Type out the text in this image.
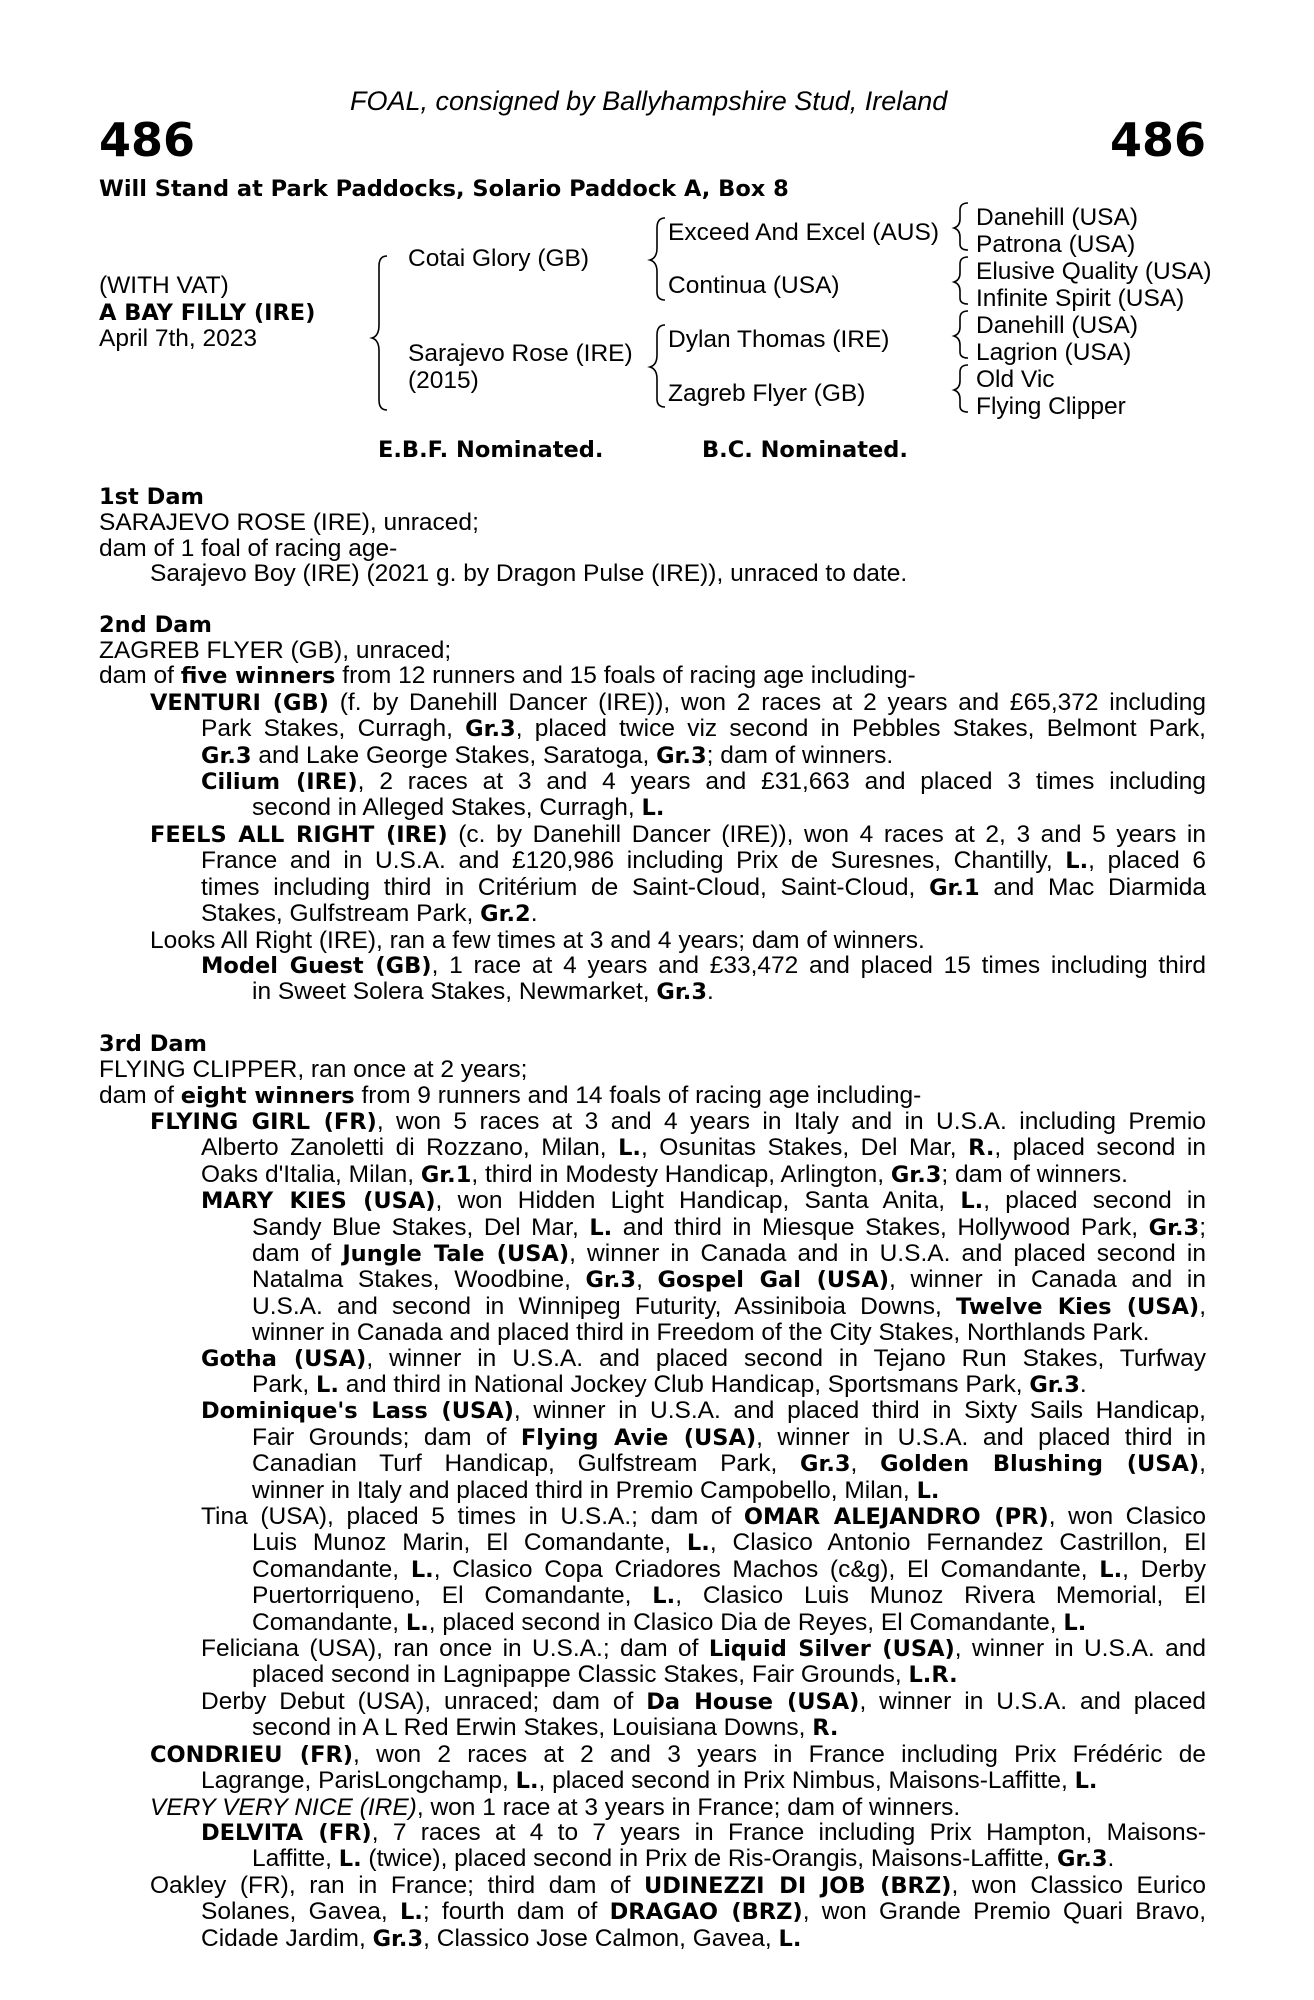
FOAL, consigned by Ballyhampshire Stud, Ireland
486	486
Will Stand at Park Paddocks, Solario Paddock A, Box 8
(WITH VAT)
A BAY FILLY (IRE)
April 7th, 2023
Cotai Glory (GB)
Sarajevo Rose (IRE)
(2015)
Exceed And Excel (AUS)
Continua (USA)
Dylan Thomas (IRE)
Zagreb Flyer (GB)
Danehill (USA)
Patrona (USA)
Elusive Quality (USA)
Infinite Spirit (USA)
Danehill (USA)
Lagrion (USA)
Old Vic
Flying Clipper
E.B.F. Nominated.	B.C. Nominated.
1st Dam
SARAJEVO ROSE (IRE), unraced;
dam of 1 foal of racing age-
Sarajevo Boy (IRE) (2021 g. by Dragon Pulse (IRE)), unraced to date.
2nd Dam
ZAGREB FLYER (GB), unraced;
dam of five winners from 12 runners and 15 foals of racing age including-
VENTURI (GB) (f. by Danehill Dancer (IRE)), won 2 races at 2 years and £65,372 including
Park Stakes, Curragh, Gr.3, placed twice viz second in Pebbles Stakes, Belmont Park,
Gr.3 and Lake George Stakes, Saratoga, Gr.3; dam of winners.
Cilium (IRE), 2 races at 3 and 4 years and £31,663 and placed 3 times including
second in Alleged Stakes, Curragh, L.
FEELS ALL RIGHT (IRE) (c. by Danehill Dancer (IRE)), won 4 races at 2, 3 and 5 years in
France and in U.S.A. and £120,986 including Prix de Suresnes, Chantilly, L., placed 6
times including third in Critérium de Saint-Cloud, Saint-Cloud, Gr.1 and Mac Diarmida
Stakes, Gulfstream Park, Gr.2.
Looks All Right (IRE), ran a few times at 3 and 4 years; dam of winners.
Model Guest (GB), 1 race at 4 years and £33,472 and placed 15 times including third
in Sweet Solera Stakes, Newmarket, Gr.3.
3rd Dam
FLYING CLIPPER, ran once at 2 years;
dam of eight winners from 9 runners and 14 foals of racing age including-
FLYING GIRL (FR), won 5 races at 3 and 4 years in Italy and in U.S.A. including Premio
Alberto Zanoletti di Rozzano, Milan, L., Osunitas Stakes, Del Mar, R., placed second in
Oaks d'Italia, Milan, Gr.1, third in Modesty Handicap, Arlington, Gr.3; dam of winners.
MARY KIES (USA), won Hidden Light Handicap, Santa Anita, L., placed second in
Sandy Blue Stakes, Del Mar, L. and third in Miesque Stakes, Hollywood Park, Gr.3;
dam of Jungle Tale (USA), winner in Canada and in U.S.A. and placed second in
Natalma Stakes, Woodbine, Gr.3, Gospel Gal (USA), winner in Canada and in
U.S.A. and second in Winnipeg Futurity, Assiniboia Downs, Twelve Kies (USA),
winner in Canada and placed third in Freedom of the City Stakes, Northlands Park.
Gotha (USA), winner in U.S.A. and placed second in Tejano Run Stakes, Turfway
Park, L. and third in National Jockey Club Handicap, Sportsmans Park, Gr.3.
Dominique's Lass (USA), winner in U.S.A. and placed third in Sixty Sails Handicap,
Fair Grounds; dam of Flying Avie (USA), winner in U.S.A. and placed third in
Canadian Turf Handicap, Gulfstream Park, Gr.3, Golden Blushing (USA),
winner in Italy and placed third in Premio Campobello, Milan, L.
Tina (USA), placed 5 times in U.S.A.; dam of OMAR ALEJANDRO (PR), won Clasico
Luis Munoz Marin, El Comandante, L., Clasico Antonio Fernandez Castrillon, El
Comandante, L., Clasico Copa Criadores Machos (c&g), El Comandante, L., Derby
Puertorriqueno, El Comandante, L., Clasico Luis Munoz Rivera Memorial, El
Comandante, L., placed second in Clasico Dia de Reyes, El Comandante, L.
Feliciana (USA), ran once in U.S.A.; dam of Liquid Silver (USA), winner in U.S.A. and
placed second in Lagnipappe Classic Stakes, Fair Grounds, L.R.
Derby Debut (USA), unraced; dam of Da House (USA), winner in U.S.A. and placed
second in A L Red Erwin Stakes, Louisiana Downs, R.
CONDRIEU (FR), won 2 races at 2 and 3 years in France including Prix Frédéric de
Lagrange, ParisLongchamp, L., placed second in Prix Nimbus, Maisons-Laffitte, L.
VERY VERY NICE (IRE), won 1 race at 3 years in France; dam of winners.
DELVITA (FR), 7 races at 4 to 7 years in France including Prix Hampton, Maisons-
Laffitte, L. (twice), placed second in Prix de Ris-Orangis, Maisons-Laffitte, Gr.3.
Oakley (FR), ran in France; third dam of UDINEZZI DI JOB (BRZ), won Classico Eurico
Solanes, Gavea, L.; fourth dam of DRAGAO (BRZ), won Grande Premio Quari Bravo,
Cidade Jardim, Gr.3, Classico Jose Calmon, Gavea, L.
